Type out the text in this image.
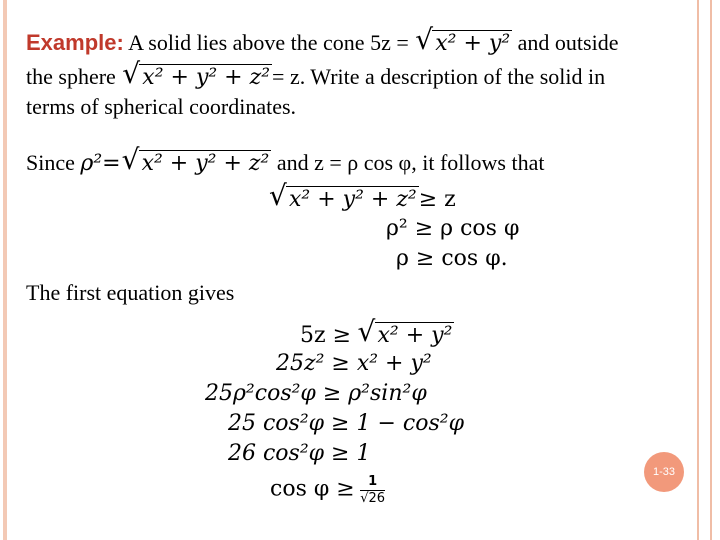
Example: A solid lies above the cone 5z = √ x² + y² and outside
the sphere √ x² + y² + z²= z. Write a description of the solid in
terms of spherical coordinates.
Since ρ²= √ x² + y² + z² and z = ρ cos φ, it follows that
√ x² + y² + z²≥ z
ρ² ≥ ρ cos φ
ρ ≥ cos φ.
The first equation gives
5z ≥ √ x² + y²
25z² ≥ x² + y²
25ρ²cos²φ ≥ ρ²sin²φ
25 cos²φ ≥ 1 − cos²φ
26 cos²φ ≥ 1
$\cos \varphi \ge \frac{1}{√26}$
1-33
